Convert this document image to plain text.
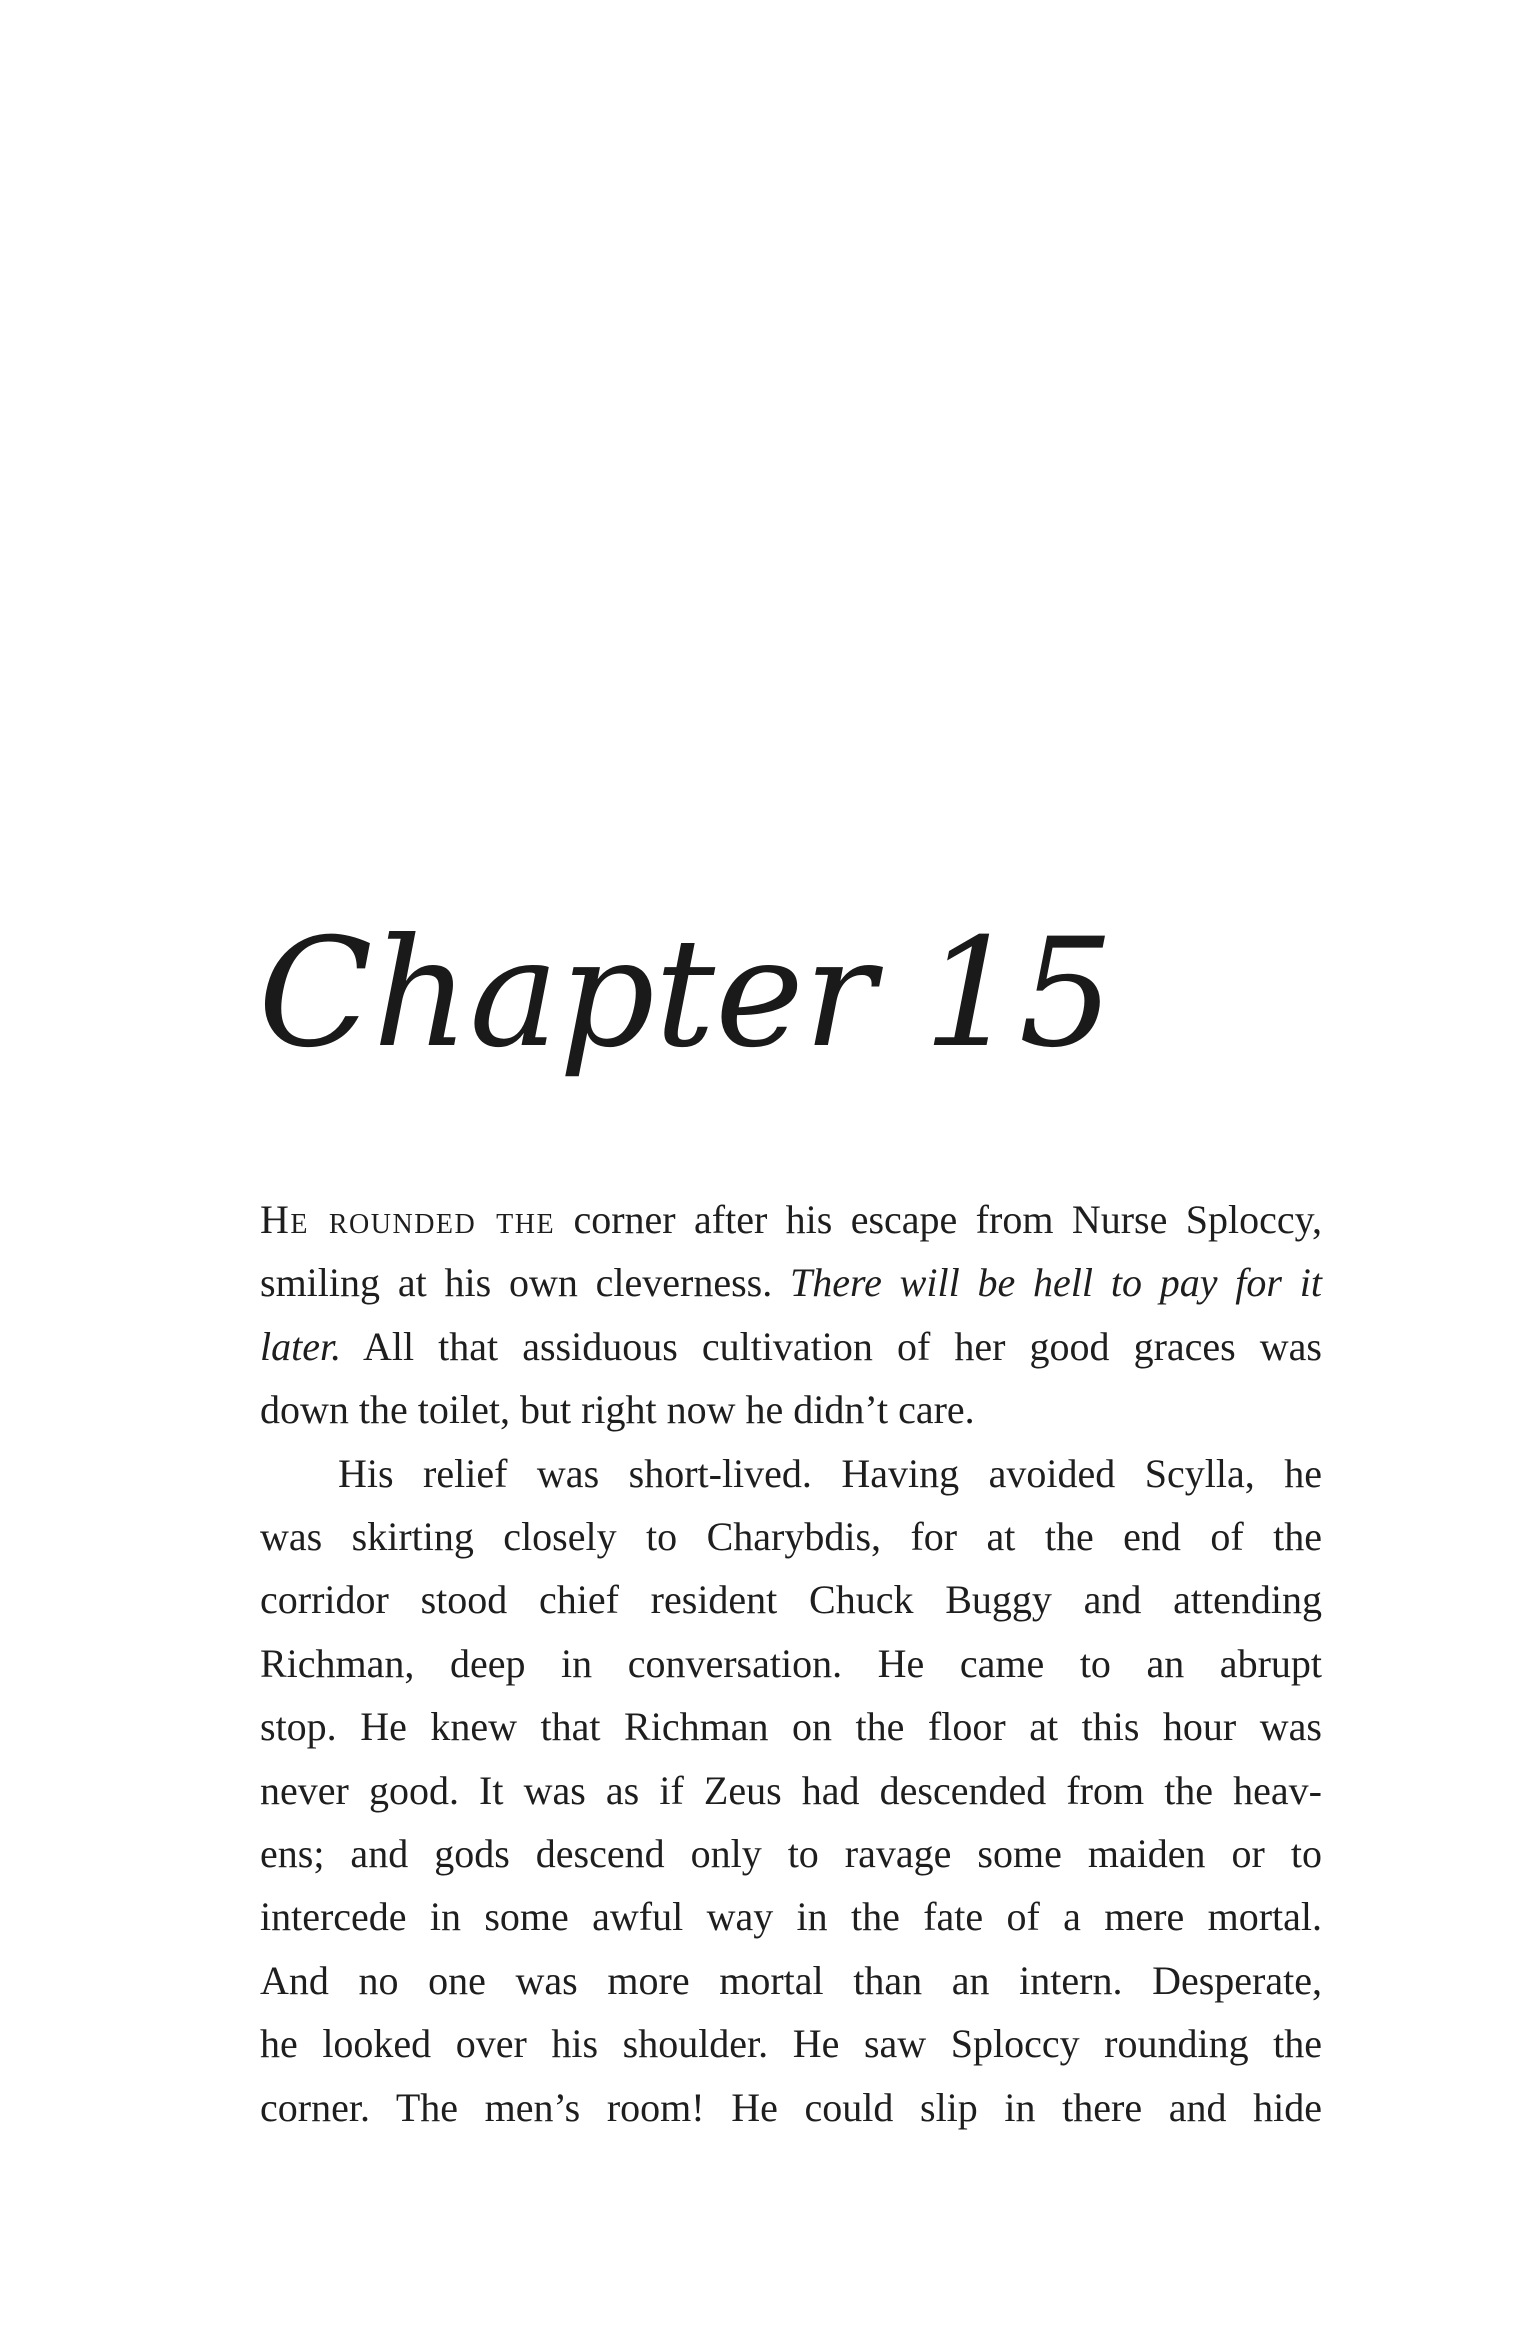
Chapter 15

He rounded the corner after his escape from Nurse Sploccy,
smiling at his own cleverness. There will be hell to pay for it
later. All that assiduous cultivation of her good graces was
down the toilet, but right now he didn’t care.

His relief was short-lived. Having avoided Scylla, he
was skirting closely to Charybdis, for at the end of the
corridor stood chief resident Chuck Buggy and attending
Richman, deep in conversation. He came to an abrupt
stop. He knew that Richman on the floor at this hour was
never good. It was as if Zeus had descended from the heav-
ens; and gods descend only to ravage some maiden or to
intercede in some awful way in the fate of a mere mortal.
And no one was more mortal than an intern. Desperate,
he looked over his shoulder. He saw Sploccy rounding the
corner. The men’s room! He could slip in there and hide
